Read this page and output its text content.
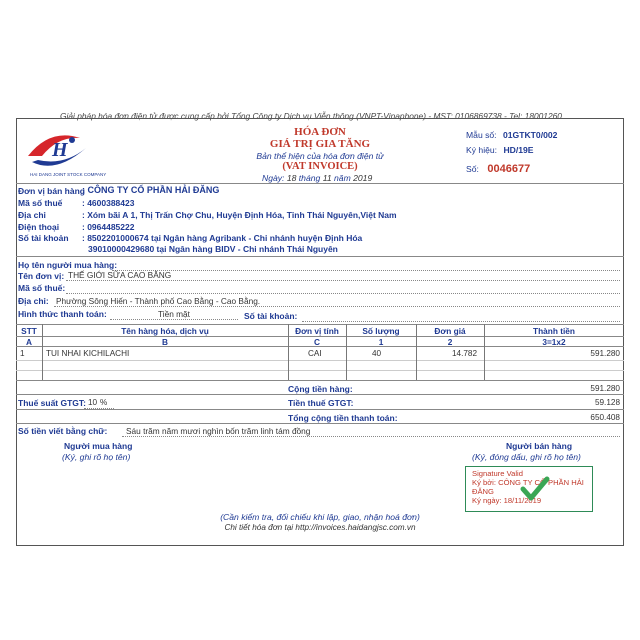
Giải pháp hóa đơn điện tử được cung cấp bởi Tổng Công ty Dịch vụ Viễn thông (VNPT-Vinaphone) - MST: 0106869738 - Tel: 18001260
H
HAI DANG JOINT STOCK COMPANY
HÓA ĐƠN
GIÁ TRỊ GIA TĂNG
Bản thể hiện của hóa đơn điện tử
(VAT INVOICE)
Ngày: 18 tháng 11 năm 2019
Mẫu số: 01GTKT0/002
Ký hiệu: HD/19E
Số: 0046677
Đơn vị bán hàng
: CÔNG TY CỔ PHẦN HẢI ĐĂNG
Mã số thuế : 4600388423
Địa chỉ	: Xóm bãi A 1, Thị Trấn Chợ Chu, Huyện Định Hóa, Tỉnh Thái Nguyên,Việt Nam
Điện thoại	: 0964485222
Số tài khoản : 8502201000674 tại Ngân hàng Agribank - Chi nhánh huyện Định Hóa
39010000429680 tại Ngân hàng BIDV - Chi nhánh Thái Nguyên
Họ tên người mua hàng:
Tên đơn vị: THẾ GIỚI SỮA CAO BẰNG
Mã số thuế:
Địa chỉ: Phường Sông Hiến - Thành phố Cao Bằng - Cao Bằng.
Hình thức thanh toán:	Tiền mặt	Số tài khoản:
STT	Tên hàng hóa, dịch vụ	Đơn vị tính	Số lượng	Đơn giá	Thành tiền
A	B	C	1	2	3=1x2
1	TUI NHAI KICHILACHI	CAI	40	14.782	591.280
Cộng tiền hàng:	591.280
Thuế suất GTGT: 10 %	Tiền thuế GTGT:	59.128
Tổng cộng tiền thanh toán:	650.408
Số tiền viết bằng chữ: Sáu trăm năm mươi nghìn bốn trăm linh tám đồng
Người mua hàng
(Ký, ghi rõ họ tên)
Người bán hàng
(Ký, đóng dấu, ghi rõ họ tên)
Signature Valid
Ký bởi: CÔNG TY CỔ PHẦN HẢI
ĐĂNG
Ký ngày: 18/11/2019
(Cần kiểm tra, đối chiếu khi lập, giao, nhận hoá đơn)
Chi tiết hóa đơn tại http://invoices.haidangjsc.com.vn
